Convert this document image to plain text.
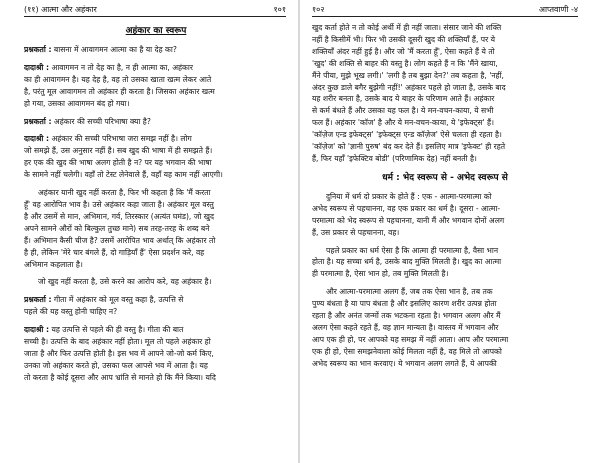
(११) आत्मा और अहंकार	१०१
अहंकार का स्वरूप

प्रश्नकर्ता : बासना में आवागमन आत्मा का है या देह का?

दादाश्री : आवागमन न तो देह का है, न ही आत्मा का, अहंकार
का ही आवागमन है। यह देह है, वह तो उसका खाता खत्म लेकर आते
है, परंतु मूल आवागमन तो अहंकार ही करता है। जिसका अहंकार खत्म
हो गया, उसका आवागमन बंद हो गया।

प्रश्नकर्ता : अहंकार की सच्ची परिभाषा क्या है?

दादाश्री : अहंकार की सच्ची परिभाषा जरा समझ नहीं है। लोग
जो समझे हैं, उस अनुसार नहीं है। सब खुद की भाषा में ही समझते हैं।
हर एक की खुद की भाषा अलग होती है न? पर यह भगवान की भाषा
के सामने नहीं चलेगी। वहाँ तो टेस्ट लेनेवाले हैं, वहाँ यह काम नहीं आएगी।

अहंकार यानी खुद नहीं करता है, फिर भी कहता है कि 'मैं करता
हूँ' वह आरोपित भाव है। उसे अहंकार कहा जाता है। अहंकार मूल वस्तु
है और उसमें से मान, अभिमान, गर्व, तिरस्कार (अत्यंत घमंड), जो खुद
अपने सामने औरों को बिल्कुल तुच्छ माने) सब तरह-तरह के शब्द बने
हैं। अभिमान कैसी चीज है? उसमें आरोपित भाव अर्थात् कि अहंकार तो
है ही, लेकिन 'मेरे चार बंगले हैं, दो गाड़ियाँ हैं' ऐसा प्रदर्शन करे, वह
अभिमान कहलाता है।

जो खुद नहीं करता है, उसे करने का आरोप करे, वह अहंकार है।

प्रश्नकर्ता : गीता में अहंकार को मूल वस्तु कहा है, उत्पत्ति से
पहले की यह वस्तु होनी चाहिए न?

दादाश्री : यह उत्पत्ति से पहले की ही वस्तु है। गीता की बात
सच्ची है। उत्पत्ति के बाद अहंकार नहीं होता। मूल तो पहले अहंकार हो
जाता है और फिर उत्पत्ति होती है। इस भव में आपने जो-जो कर्म किए,
उनका जो अहंकार करते हो, उसका फल आपसे भव में आता है। यह
तो करता है कोई दूसरा और आप भ्रांति से मानते हो कि मैंने किया। यदि

१०२	आप्तवाणी -४

खुद कर्ता होते न तो कोई अर्थी में ही नहीं जाता। संसार जाने की शक्ति
नहीं है किसीमें भी। फिर भी उसकी दूसरी खुद की शक्तियाँ हैं, पर ये
शक्तियाँ अंदर नहीं हुई है। और जो 'मैं करता हूँ', ऐसा कहते हैं ये तो
'खुद' की शक्ति से बाहर की वस्तु है। लोग कहते हैं न कि 'मैंने खाया,
मैंने पीया, मुझे भूख लगी।' 'लगी है तब बुझा देन?' तब कहता है, 'नहीं,
अंदर कुछ डाले बगैर बुझेगी नहीं!' अहंकार पहले हो जाता है, उसके बाद
यह शरीर बनता है, उसके बाद ये बाहर के परिणाम आते हैं। अहंकार
से कर्म बंधते हैं और उसका यह फल है। ये मन-वचन-काया, ये सभी
फल हैं। अहंकार 'कॉज' है और ये मन-वचन-काया, ये 'इफेक्ट्स' हैं।
'कॉज़ेज एन्ड इफेक्ट्स' 'इफेक्ट्स एन्ड कॉज़ेज' ऐसे चलता ही रहता है।
'कॉज़ेज' को 'ज्ञानी पुरुष' बंद कर देते हैं। इसलिए मात्र 'इफेक्ट' ही रहते
हैं, फिर यहाँ 'इफेक्टिव बोडी' (परिणामिक देह) नहीं बनती है।

धर्म : भेद स्वरूप से - अभेद स्वरूप से

दुनिया में धर्म दो प्रकार के होते हैं : एक - आत्मा-परमात्मा को
अभेद स्वरूप से पहचानना, वह एक प्रकार का धर्म है। दूसरा - आत्मा-
परमात्मा को भेद स्वरूप से पहचानना, यानी मैं और भगवान दोनों अलग
हैं, उस प्रकार से पहचानना, वह।

पहले प्रकार का धर्म ऐसा है कि आत्मा ही परमात्मा है, वैसा भान
होता है। यह सच्चा धर्म है, उसके बाद मुक्ति मिलती है। खुद का आत्मा
ही परमात्मा है, ऐसा भान हो, तब मुक्ति मिलती है।

और आत्मा-परमात्मा अलग हैं, जब तक ऐसा भान है, तब तक
पुण्य बंधता है या पाप बंधता है और इसलिए कारण शरीर उत्पन्न होता
रहता है और अनंत जन्मों तक भटकना रहता है। भगवान अलग और मैं
अलग ऐसा कहते रहते हैं, वह ज्ञान मान्यता है। वास्तव में भगवान और
आप एक ही हो, पर आपको यह समझ में नहीं आता। आप और परमात्मा
एक ही हो, ऐसा समझनेवाला कोई मिलता नहीं है, वह मिले तो आपको
अभेद स्वरूप का भान करवाए। ये भगवान अलग लगते हैं, ये आपकी
